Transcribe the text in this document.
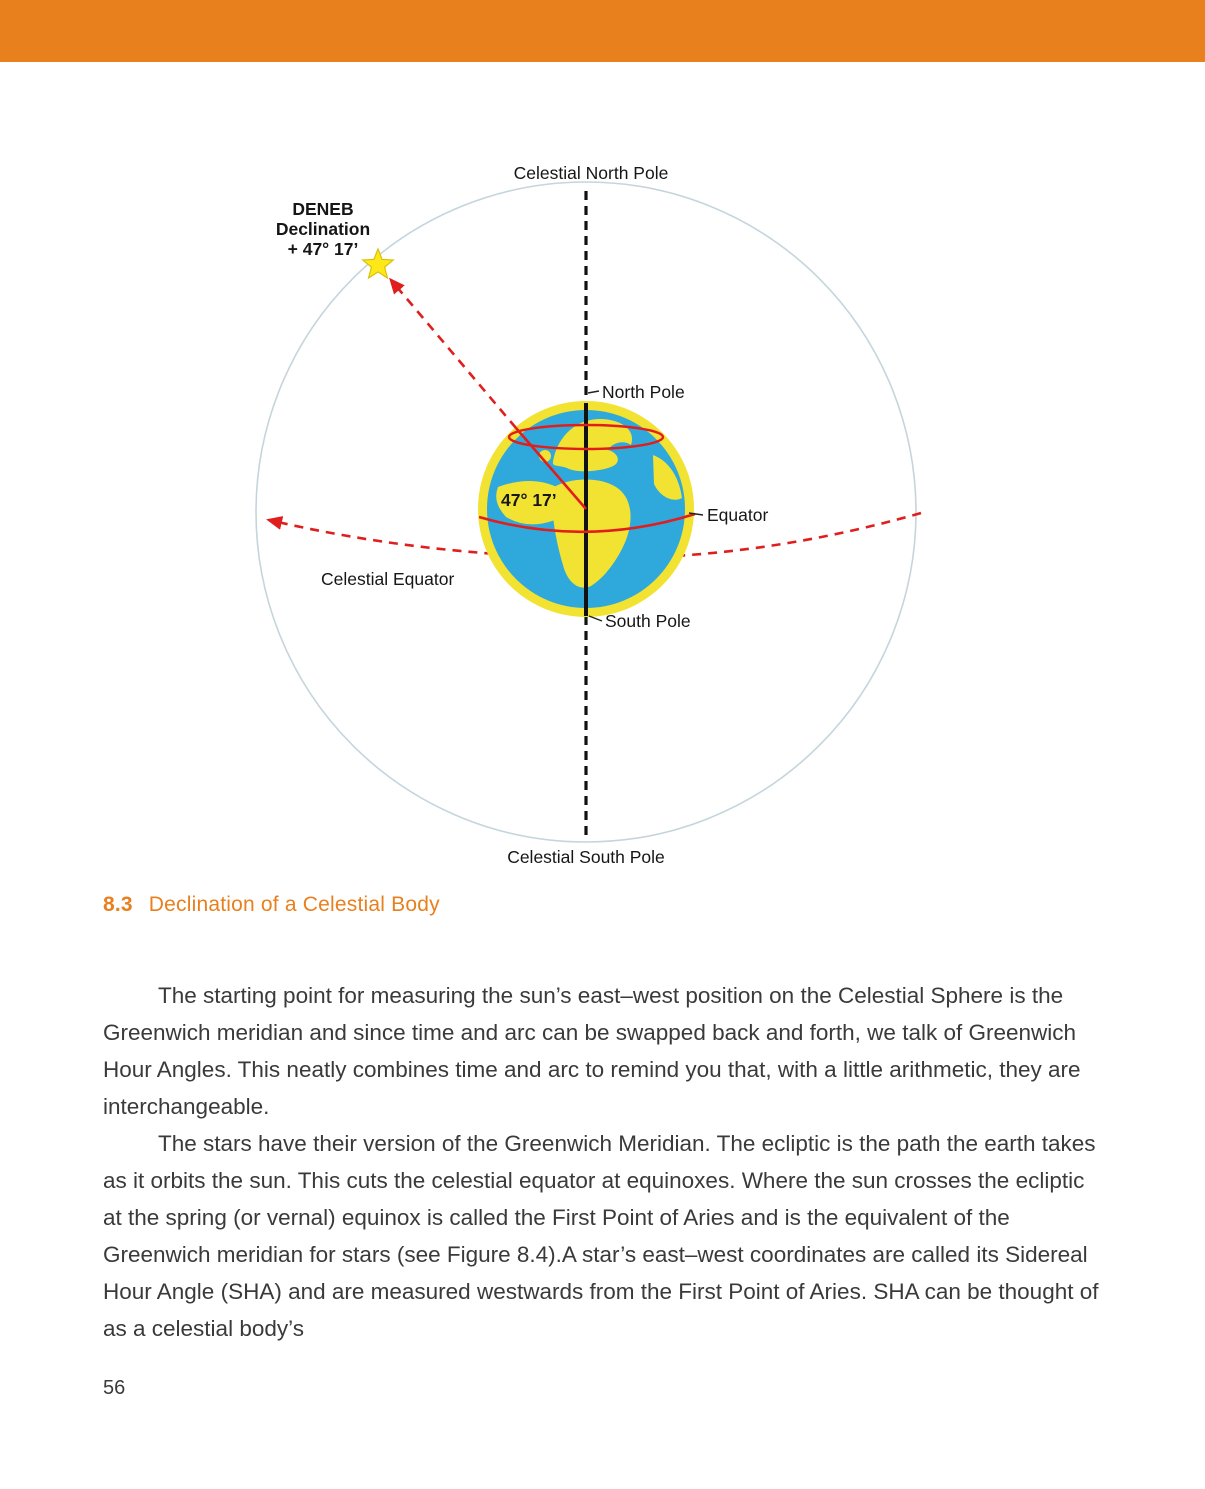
Celestial North Pole
DENEB
Declination
+ 47° 17’
North Pole
47° 17’
Equator
Celestial Equator
South Pole
Celestial South Pole
8.3 Declination of a Celestial Body

The starting point for measuring the sun’s east–west position on the Celestial Sphere is the Greenwich meridian and since time and arc can be swapped back and forth, we talk of Greenwich Hour Angles. This neatly combines time and arc to remind you that, with a little arithmetic, they are interchangeable.

The stars have their version of the Greenwich Meridian. The ecliptic is the path the earth takes as it orbits the sun. This cuts the celestial equator at equinoxes. Where the sun crosses the ecliptic at the spring (or vernal) equinox is called the First Point of Aries and is the equivalent of the Greenwich meridian for stars (see Figure 8.4).A star’s east–west coordinates are called its Sidereal Hour Angle (SHA) and are measured westwards from the First Point of Aries. SHA can be thought of as a celestial body’s

56
